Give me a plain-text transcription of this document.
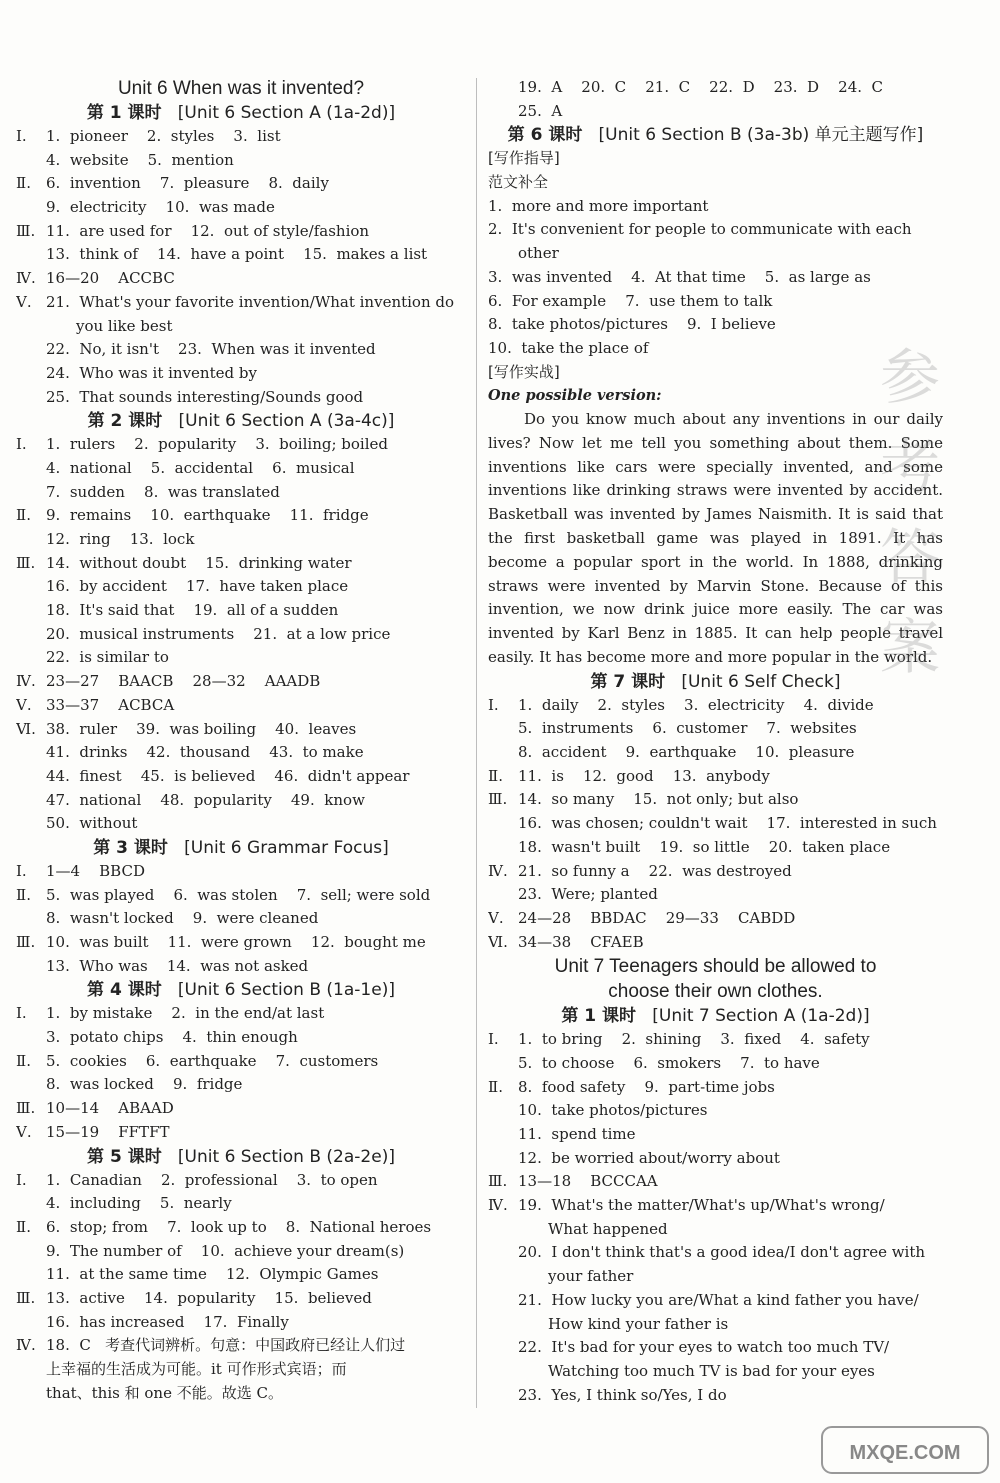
Unit 6 When was it invented?
第 1 课时 [Unit 6 Section A (1a-2d)]
Ⅰ. 1.  pioneer    2.  styles    3.  list
4.  website    5.  mention
Ⅱ. 6.  invention    7.  pleasure    8.  daily
9.  electricity    10.  was made
Ⅲ. 11.  are used for    12.  out of style/fashion
13.  think of    14.  have a point    15.  makes a list
Ⅳ. 16—20    ACCBC
Ⅴ. 21.  What's your favorite invention/What invention do
you like best
22.  No, it isn't    23.  When was it invented
24.  Who was it invented by
25.  That sounds interesting/Sounds good
第 2 课时 [Unit 6 Section A (3a-4c)]
Ⅰ. 1.  rulers    2.  popularity    3.  boiling; boiled
4.  national    5.  accidental    6.  musical
7.  sudden    8.  was translated
Ⅱ. 9.  remains    10.  earthquake    11.  fridge
12.  ring    13.  lock
Ⅲ. 14.  without doubt    15.  drinking water
16.  by accident    17.  have taken place
18.  It's said that    19.  all of a sudden
20.  musical instruments    21.  at a low price
22.  is similar to
Ⅳ. 23—27    BAACB    28—32    AAADB
Ⅴ. 33—37    ACBCA
Ⅵ. 38.  ruler    39.  was boiling    40.  leaves
41.  drinks    42.  thousand    43.  to make
44.  finest    45.  is believed    46.  didn't appear
47.  national    48.  popularity    49.  know
50.  without
第 3 课时 [Unit 6 Grammar Focus]
Ⅰ. 1—4    BBCD
Ⅱ. 5.  was played    6.  was stolen    7.  sell; were sold
8.  wasn't locked    9.  were cleaned
Ⅲ. 10.  was built    11.  were grown    12.  bought me
13.  Who was    14.  was not asked
第 4 课时 [Unit 6 Section B (1a-1e)]
Ⅰ. 1.  by mistake    2.  in the end/at last
3.  potato chips    4.  thin enough
Ⅱ. 5.  cookies    6.  earthquake    7.  customers
8.  was locked    9.  fridge
Ⅲ. 10—14    ABAAD
Ⅴ. 15—19    FFTFT
第 5 课时 [Unit 6 Section B (2a-2e)]
Ⅰ. 1.  Canadian    2.  professional    3.  to open
4.  including    5.  nearly
Ⅱ. 6.  stop; from    7.  look up to    8.  National heroes
9.  The number of    10.  achieve your dream(s)
11.  at the same time    12.  Olympic Games
Ⅲ. 13.  active    14.  popularity    15.  believed
16.  has increased    17.  Finally
Ⅳ. 18.  C   考查代词辨析。句意：中国政府已经让人们过
上幸福的生活成为可能。it 可作形式宾语；而
that、this 和 one 不能。故选 C。
19.  A    20.  C    21.  C    22.  D    23.  D    24.  C
25.  A
第 6 课时 [Unit 6 Section B (3a-3b) 单元主题写作]
[写作指导]
范文补全
1.  more and more important
2.  It's convenient for people to communicate with each
other
3.  was invented    4.  At that time    5.  as large as
6.  For example    7.  use them to talk
8.  take photos/pictures    9.  I believe
10.  take the place of
[写作实战]
One possible version:

Do you know much about any inventions in our daily lives? Now let me tell you something about them. Some inventions like cars were specially invented, and some inventions like drinking straws were invented by accident. Basketball was invented by James Naismith. It is said that the first basketball game was played in 1891. It has become a popular sport in the world. In 1888, drinking straws were invented by Marvin Stone. Because of this invention, we now drink juice more easily. The car was invented by Karl Benz in 1885. It can help people travel easily. It has become more and more popular in the world.

第 7 课时 [Unit 6 Self Check]
Ⅰ. 1.  daily    2.  styles    3.  electricity    4.  divide
5.  instruments    6.  customer    7.  websites
8.  accident    9.  earthquake    10.  pleasure
Ⅱ. 11.  is    12.  good    13.  anybody
Ⅲ. 14.  so many    15.  not only; but also
16.  was chosen; couldn't wait    17.  interested in such
18.  wasn't built    19.  so little    20.  taken place
Ⅳ. 21.  so funny a    22.  was destroyed
23.  Were; planted
Ⅴ. 24—28    BBDAC    29—33    CABDD
Ⅵ. 34—38    CFAEB
Unit 7 Teenagers should be allowed to
choose their own clothes.
第 1 课时 [Unit 7 Section A (1a-2d)]
Ⅰ. 1.  to bring    2.  shining    3.  fixed    4.  safety
5.  to choose    6.  smokers    7.  to have
Ⅱ. 8.  food safety    9.  part-time jobs
10.  take photos/pictures
11.  spend time
12.  be worried about/worry about
Ⅲ. 13—18    BCCCAA
Ⅳ. 19.  What's the matter/What's up/What's wrong/
What happened
20.  I don't think that's a good idea/I don't agree with
your father
21.  How lucky you are/What a kind father you have/
How kind your father is
22.  It's bad for your eyes to watch too much TV/
Watching too much TV is bad for your eyes
23.  Yes, I think so/Yes, I do
参
考
答
案
MXQE.COM
